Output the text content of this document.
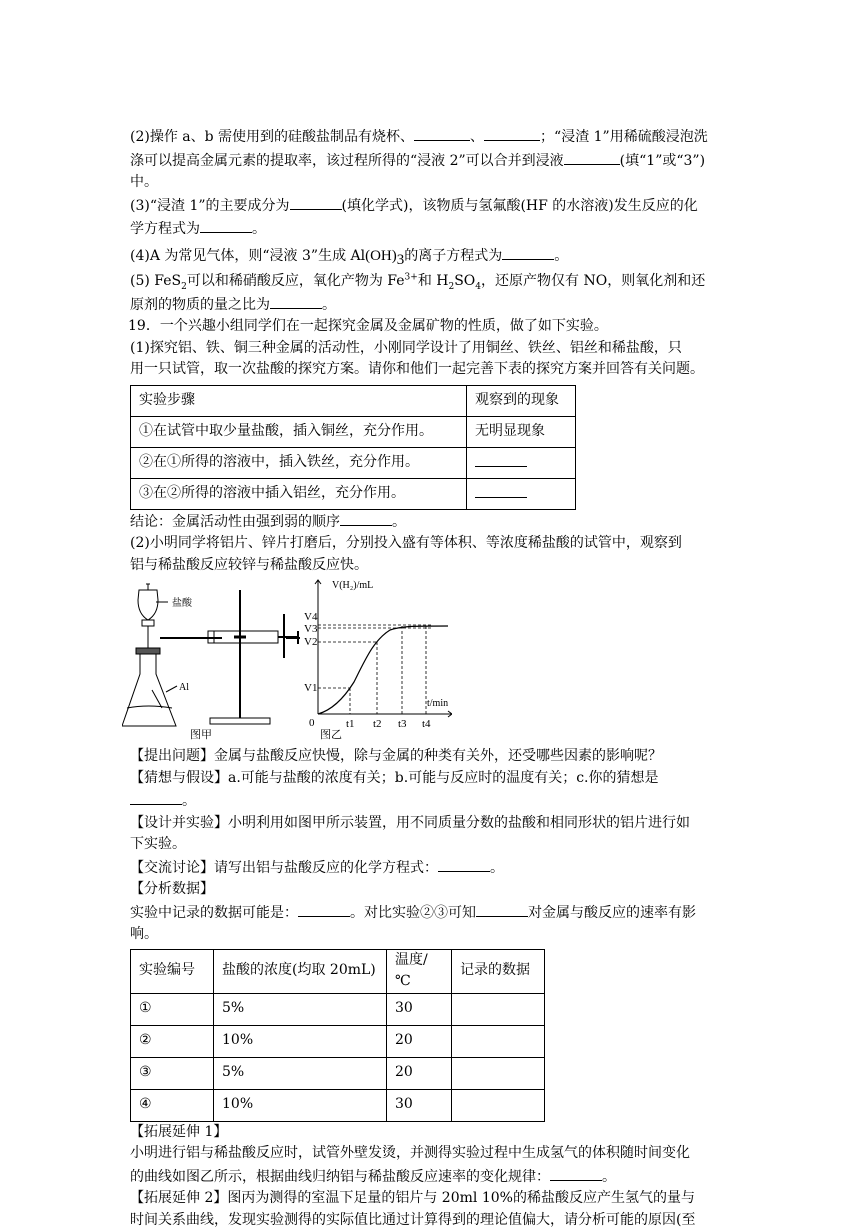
(2)操作 a、b 需使用到的硅酸盐制品有烧杯、	、	；“浸渣 1”用稀硫酸浸泡洗

涤可以提高金属元素的提取率，该过程所得的“浸液 2”可以合并到浸液	(填“1”或“3”)

中。

(3)“浸渣 1”的主要成分为	(填化学式)，该物质与氢氟酸(HF 的水溶液)发生反应的化

学方程式为	。

(4)A 为常见气体，则“浸液 3”生成 $Al(OH)_3$的离子方程式为	。

(5) FeS$_2$可以和稀硝酸反应，氧化产物为 $Fe^{3+}$和 $H_2SO_4$，还原产物仅有 NO，则氧化剂和还

原剂的物质的量之比为	。

19．一个兴趣小组同学们在一起探究金属及金属矿物的性质，做了如下实验。

(1)探究铝、铁、铜三种金属的活动性，小刚同学设计了用铜丝、铁丝、铝丝和稀盐酸，只

用一只试管，取一次盐酸的探究方案。请你和他们一起完善下表的探究方案并回答有关问题。

实验步骤	观察到的现象
①在试管中取少量盐酸，插入铜丝，充分作用。	无明显现象
②在①所得的溶液中，插入铁丝，充分作用。	
③在②所得的溶液中插入铝丝，充分作用。	

结论：金属活动性由强到弱的顺序	。

(2)小明同学将铝片、锌片打磨后，分别投入盛有等体积、等浓度稀盐酸的试管中，观察到

铝与稀盐酸反应较锌与稀盐酸反应快。

盐酸
Al
V(H₂)/mL
V1
V2
V3
V4
0	t1 t2 t3 t4
t/min
图甲	图乙

【提出问题】金属与盐酸反应快慢，除与金属的种类有关外，还受哪些因素的影响呢？

【猜想与假设】a.可能与盐酸的浓度有关；b.可能与反应时的温度有关；c.你的猜想是

。

【设计并实验】小明利用如图甲所示装置，用不同质量分数的盐酸和相同形状的铝片进行如

下实验。

【交流讨论】请写出铝与盐酸反应的化学方程式：	。

【分析数据】

实验中记录的数据可能是：	。对比实验②③可知	对金属与酸反应的速率有影

响。

实验编号	盐酸的浓度(均取 20mL)	温度/℃	记录的数据
①	5%	30	
②	10%	20	
③	5%	20	
④	10%	30	

【拓展延伸 1】

小明进行铝与稀盐酸反应时，试管外壁发烫，并测得实验过程中生成氢气的体积随时间变化

的曲线如图乙所示，根据曲线归纳铝与稀盐酸反应速率的变化规律：	。

【拓展延伸 2】图丙为测得的室温下足量的铝片与 20ml 10%的稀盐酸反应产生氢气的量与

时间关系曲线，发现实验测得的实际值比通过计算得到的理论值偏大，请分析可能的原因(至
